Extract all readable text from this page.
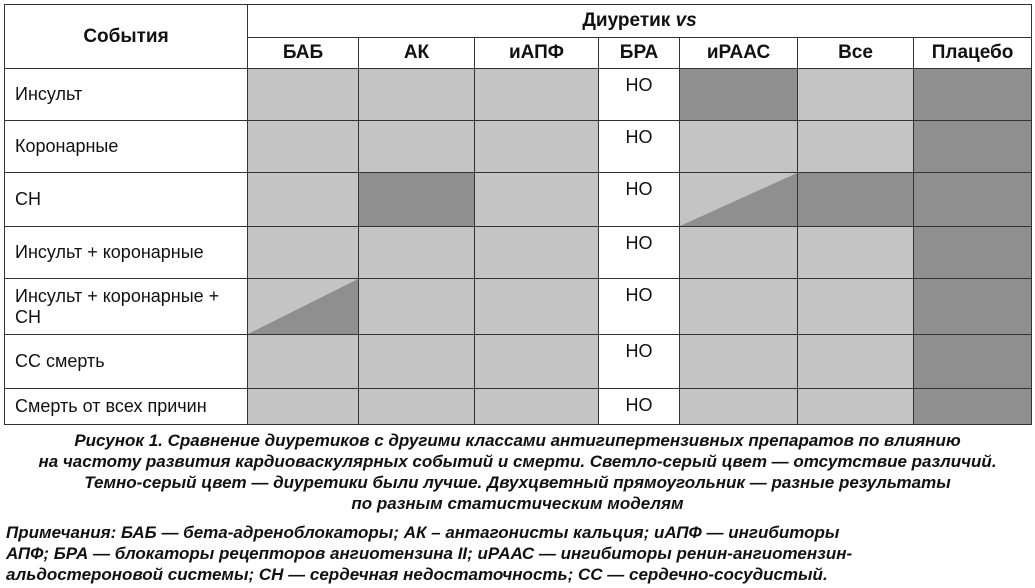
События	Диуретик vs						
	БАБ	АК	иАПФ	БРА	иРААС	Все	Плацебо
Инсульт				НО			
Коронарные				НО			
СН				НО	

Инсульт + коронарные				НО			
Инсульт + коронарные + СН				НО			
СС смерть				НО			
Смерть от всех причин				НО			
Рисунок 1. Сравнение диуретиков с другими классами антигипертензивных препаратов по влиянию
на частоту развития кардиоваскулярных событий и смерти. Светло-серый цвет — отсутствие различий.
Темно-серый цвет — диуретики были лучше. Двухцветный прямоугольник — разные результаты
по разным статистическим моделям
Примечания: БАБ — бета-адреноблокаторы; АК – антагонисты кальция; иАПФ — ингибиторы
АПФ; БРА — блокаторы рецепторов ангиотензина II; иРААС — ингибиторы ренин-ангиотензин-
альдостероновой системы; СН — сердечная недостаточность; СС — сердечно-сосудистый.
